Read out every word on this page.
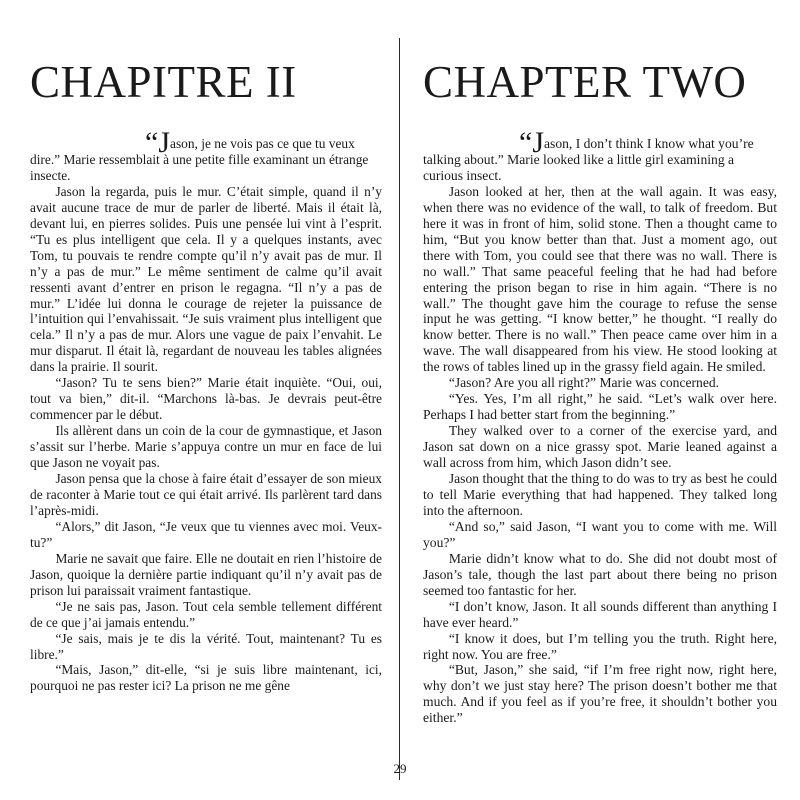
CHAPITRE II

“Jason, je ne vois pas ce que tu veux dire.” Marie ressemblait à une petite fille examinant un étrange insecte.

Jason la regarda, puis le mur. C’était simple, quand il n’y avait aucune trace de mur de parler de liberté. Mais il était là, devant lui, en pierres solides. Puis une pensée lui vint à l’esprit. “Tu es plus intelligent que cela. Il y a quelques instants, avec Tom, tu pouvais te rendre compte qu’il n’y avait pas de mur. Il n’y a pas de mur.” Le même sentiment de calme qu’il avait ressenti avant d’entrer en prison le regagna. “Il n’y a pas de mur.” L’idée lui donna le courage de rejeter la puissance de l’intuition qui l’envahissait. “Je suis vraiment plus intelligent que cela.” Il n’y a pas de mur. Alors une vague de paix l’envahit. Le mur disparut. Il était là, regardant de nouveau les tables alignées dans la prairie. Il sourit.

“Jason? Tu te sens bien?” Marie était inquiète. “Oui, oui, tout va bien,” dit-il. “Marchons là-bas. Je devrais peut-être commencer par le début.

Ils allèrent dans un coin de la cour de gymnastique, et Jason s’assit sur l’herbe. Marie s’appuya contre un mur en face de lui que Jason ne voyait pas.

Jason pensa que la chose à faire était d’essayer de son mieux de raconter à Marie tout ce qui était arrivé. Ils parlèrent tard dans l’après-midi.

“Alors,” dit Jason, “Je veux que tu viennes avec moi. Veux-tu?”

Marie ne savait que faire. Elle ne doutait en rien l’histoire de Jason, quoique la dernière partie indiquant qu’il n’y avait pas de prison lui paraissait vraiment fantastique.

“Je ne sais pas, Jason. Tout cela semble tellement différent de ce que j’ai jamais entendu.”

“Je sais, mais je te dis la vérité. Tout, maintenant? Tu es libre.”

“Mais, Jason,” dit-elle, “si je suis libre maintenant, ici, pourquoi ne pas rester ici? La prison ne me gêne

CHAPTER TWO

“Jason, I don’t think I know what you’re talking about.” Marie looked like a little girl examining a curious insect.

Jason looked at her, then at the wall again. It was easy, when there was no evidence of the wall, to talk of freedom. But here it was in front of him, solid stone. Then a thought came to him, “But you know better than that. Just a moment ago, out there with Tom, you could see that there was no wall. There is no wall.” That same peaceful feeling that he had had before entering the prison began to rise in him again. “There is no wall.” The thought gave him the courage to refuse the sense input he was getting. “I know better,” he thought. “I really do know better. There is no wall.” Then peace came over him in a wave. The wall disappeared from his view. He stood looking at the rows of tables lined up in the grassy field again. He smiled.

“Jason? Are you all right?” Marie was concerned.

“Yes. Yes, I’m all right,” he said. “Let’s walk over here. Perhaps I had better start from the beginning.”

They walked over to a corner of the exercise yard, and Jason sat down on a nice grassy spot. Marie leaned against a wall across from him, which Jason didn’t see.

Jason thought that the thing to do was to try as best he could to tell Marie everything that had happened. They talked long into the afternoon.

“And so,” said Jason, “I want you to come with me. Will you?”

Marie didn’t know what to do. She did not doubt most of Jason’s tale, though the last part about there being no prison seemed too fantastic for her.

“I don’t know, Jason. It all sounds different than anything I have ever heard.”

“I know it does, but I’m telling you the truth. Right here, right now. You are free.”

“But, Jason,” she said, “if I’m free right now, right here, why don’t we just stay here? The prison doesn’t bother me that much. And if you feel as if you’re free, it shouldn’t bother you either.”

29
